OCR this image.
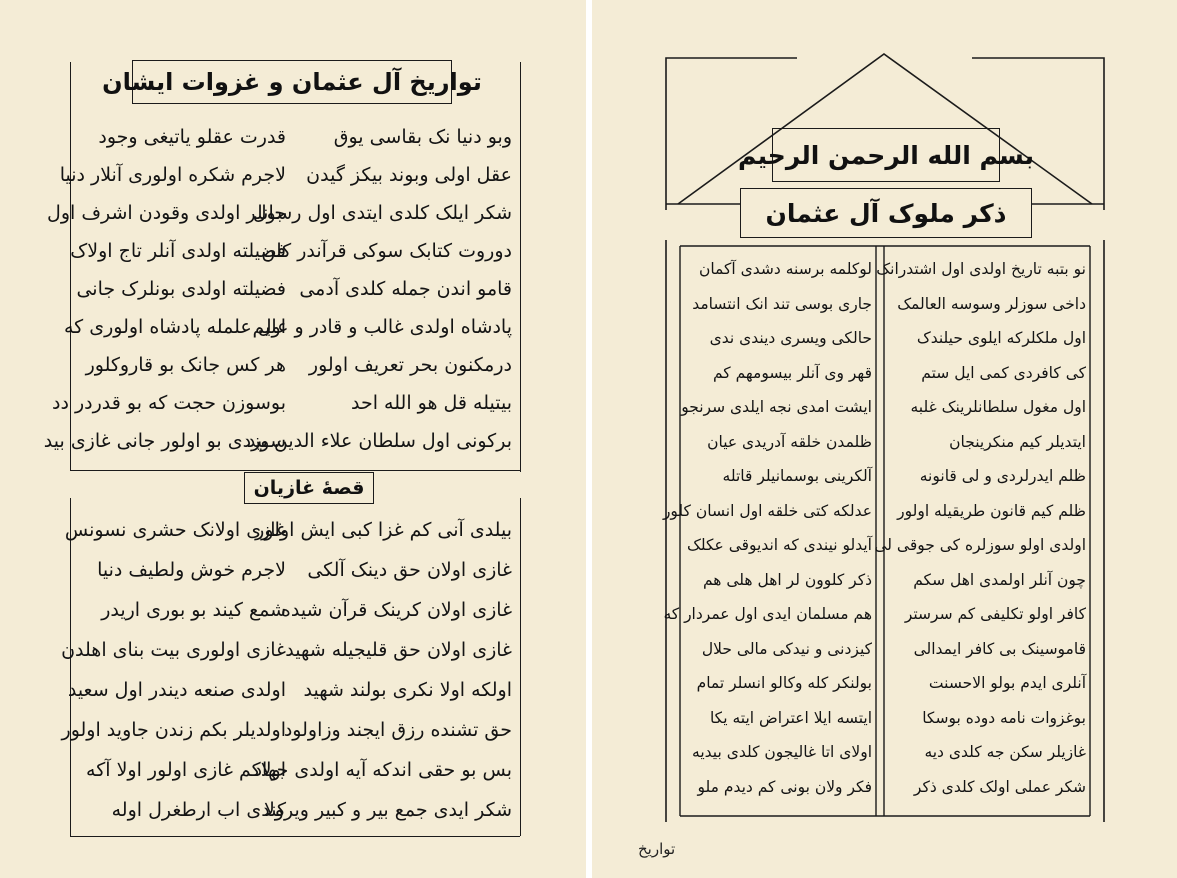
تواریخ آل عثمان و غزوات ایشان
وبو دنیا نک بقاسی یوق
عقل اولی وبوند بیکز گیدن
شکر ایلک کلدی ایتدی اول رسول
دوروت کتابک سوکی قرآندر کلن
قامو اندن جمله کلدی آدمی
پادشاه اولدی غالب و قادر و علیم
درمکنون بحر تعریف اولور
بیتیله قل هو الله احد
برکونی اول سلطان علاء الدین بید
قدرت عقلو یاتیغی وجود
لاجرم شکره اولوری آنلار دنیا
جانلر اولدی وقودن اشرف اول
فضیلته اولدی آنلر تاج اولاک
فضیلته اولدی بونلرک جانی
اول علمله پادشاه اولوری که
هر کس جانک بو قاروکلور
بوسوزن حجت که بو قدردر دد
سوزدی بو اولور جانی غازی بید
قصۀ غازیان
بیلدی آنی کم غزا کبی ایش اولور
غازی اولان حق دینک آلکی
غازی اولان کرینک قرآن شیده
غازی اولان حق قلیجیله شهید
اولکه اولا نکری بولند شهید
حق تشنده رزق ایجند وزاولود
بس بو حقی اندکه آیه اولدی جهاد
شکر ایدی جمع بیر و کبیر ویرولا
غازی اولانک حشری نسونس
لاجرم خوش ولطیف دنیا
شمع کیند بو بوری اریدر
غازی اولوری بیت بنای اهلدن
اولدی صنعه دیندر اول سعید
اولدیلر بکم زندن جاوید اولور
اولاکم غازی اولور اولا آکه
کندی اب ارطغرل اوله
بسم الله الرحمن الرحیم
ذکر ملوک آل عثمان
نو بتبه تاریخ اولدی اول اشتدرانک
داخی سوزلر وسوسه العالمک
اول ملکلرکه ایلوی حیلندک
کی کافردی کمی ایل ستم
اول مغول سلطانلرینک غلبه
ایتدیلر کیم منکرینجان
ظلم ایدرلردی و لی قانونه
ظلم کیم قانون طریقیله اولور
اولدی اولو سوزلره کی جوقی لی
چون آنلر اولمدی اهل سکم
کافر اولو تکلیفی کم سرستر
قاموسینک بی کافر ایمدالی
آنلری ایدم بولو الاحسنت
بوغزوات نامه دوده بوسکا
غازیلر سکن جه کلدی دیه
شکر عملی اولک کلدی ذکر
لوکلمه برسنه دشدی آکمان
جاری بوسی تند انک انتسامد
حالکی ویسری دیندی ندی
قهر وی آنلر بیسومهم کم
ایشت امدی نجه ایلدی سرنجو
ظلمدن خلقه آدریدی عیان
آلکرینی بوسمانیلر قاتله
عدلکه کتی خلقه اول انسان کلور
آیدلو نیندی که اندیوقی عکلک
ذکر کلوون لر اهل هلی هم
هم مسلمان ایدی اول عمردار که
کیزدنی و نیدکی مالی حلال
بولنکر کله وکالو انسلر تمام
ایتسه ایلا اعتراض ایته یکا
اولای اتا غالیجون کلدی بیدیه
فکر ولان بونی کم دیدم ملو
تواریخ
